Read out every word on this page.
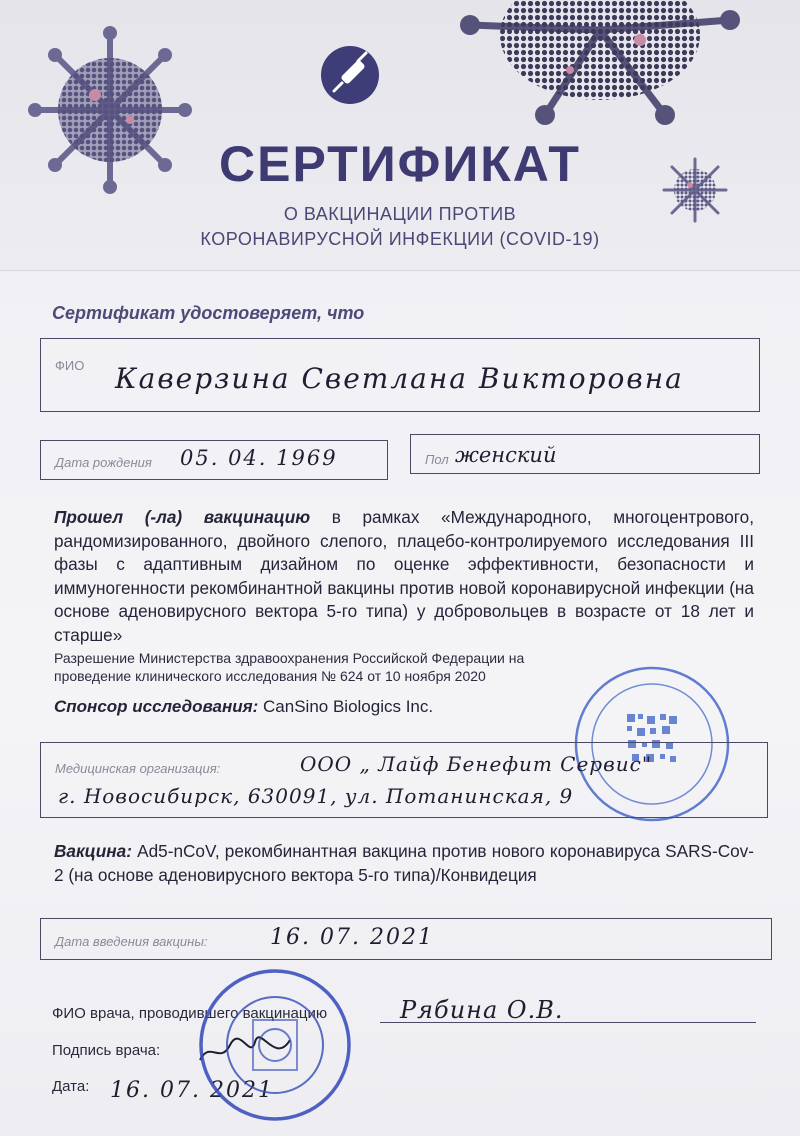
СЕРТИФИКАТ
О ВАКЦИНАЦИИ ПРОТИВ
КОРОНАВИРУСНОЙ ИНФЕКЦИИ (COVID-19)
Сертификат удостоверяет, что
ФИО Каверзина Светлана Викторовна
Дата рождения 05. 04. 1969	Пол женский
Прошел (-ла) вакцинацию в рамках «Международного, многоцентрового, рандомизированного, двойного слепого, плацебо-контролируемого исследования III фазы с адаптивным дизайном по оценке эффективности, безопасности и иммуногенности рекомбинантной вакцины против новой коронавирусной инфекции (на основе аденовирусного вектора 5-го типа) у добровольцев в возрасте от 18 лет и старше»
Разрешение Министерства здравоохранения Российской Федерации на проведение клинического исследования № 624 от 10 ноября 2020
Спонсор исследования: CanSino Biologics Inc.
Медицинская организация:	ООО „ Лайф Бенефит Сервис"
г. Новосибирск, 630091, ул. Потанинская, 9
Вакцина: Ad5-nCoV, рекомбинантная вакцина против нового коронавируса SARS-Cov-2 (на основе аденовирусного вектора 5-го типа)/Конвидеция
Дата введения вакцины:	16. 07. 2021
ФИО врача, проводившего вакцинацию	Рябина О.В.
Подпись врача:
Дата: 16. 07. 2021
